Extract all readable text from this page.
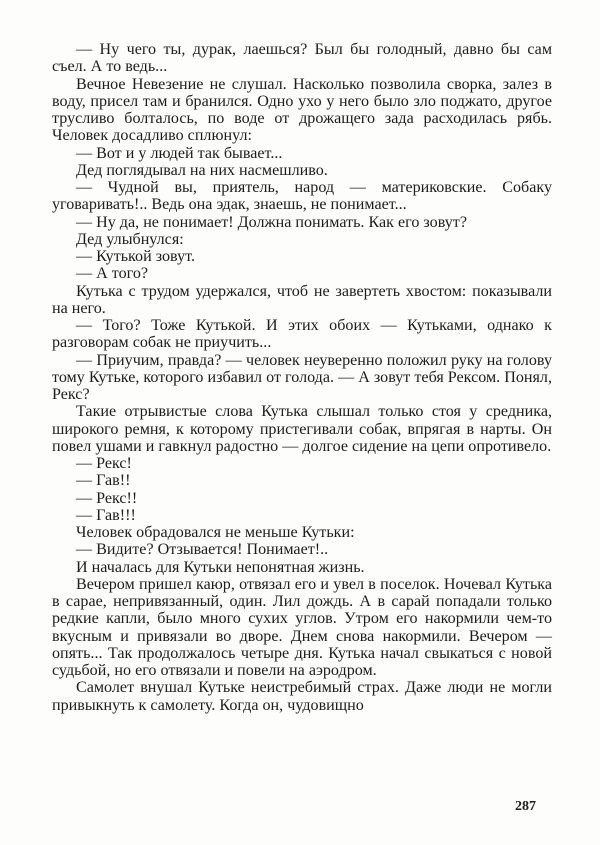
— Ну чего ты, дурак, лаешься? Был бы голодный, давно бы сам съел. А то ведь...

Вечное Невезение не слушал. Насколько позволила сворка, залез в воду, присел там и бранился. Одно ухо у него было зло поджато, другое трусливо болталось, по воде от дрожащего зада расходилась рябь. Человек досадливо сплюнул:

— Вот и у людей так бывает...

Дед поглядывал на них насмешливо.

— Чудной вы, приятель, народ — материковские. Собаку уговаривать!.. Ведь она эдак, знаешь, не понимает...

— Ну да, не понимает! Должна понимать. Как его зовут?

Дед улыбнулся:

— Кутькой зовут.

— А того?

Кутька с трудом удержался, чтоб не завертеть хвостом: показывали на него.

— Того? Тоже Кутькой. И этих обоих — Кутьками, однако к разговорам собак не приучить...

— Приучим, правда? — человек неуверенно положил руку на голову тому Кутьке, которого избавил от голода. — А зовут тебя Рексом. Понял, Рекс?

Такие отрывистые слова Кутька слышал только стоя у средника, широкого ремня, к которому пристегивали собак, впрягая в нарты. Он повел ушами и гавкнул радостно — долгое сидение на цепи опротивело.

— Рекс!

— Гав!!

— Рекс!!

— Гав!!!

Человек обрадовался не меньше Кутьки:

— Видите? Отзывается! Понимает!..

И началась для Кутьки непонятная жизнь.

Вечером пришел каюр, отвязал его и увел в поселок. Ночевал Кутька в сарае, непривязанный, один. Лил дождь. А в сарай попадали только редкие капли, было много сухих углов. Утром его накормили чем-то вкусным и привязали во дворе. Днем снова накормили. Вечером — опять... Так продолжалось четыре дня. Кутька начал свыкаться с новой судьбой, но его отвязали и повели на аэродром.

Самолет внушал Кутьке неистребимый страх. Даже люди не могли привыкнуть к самолету. Когда он, чудовищно

287
